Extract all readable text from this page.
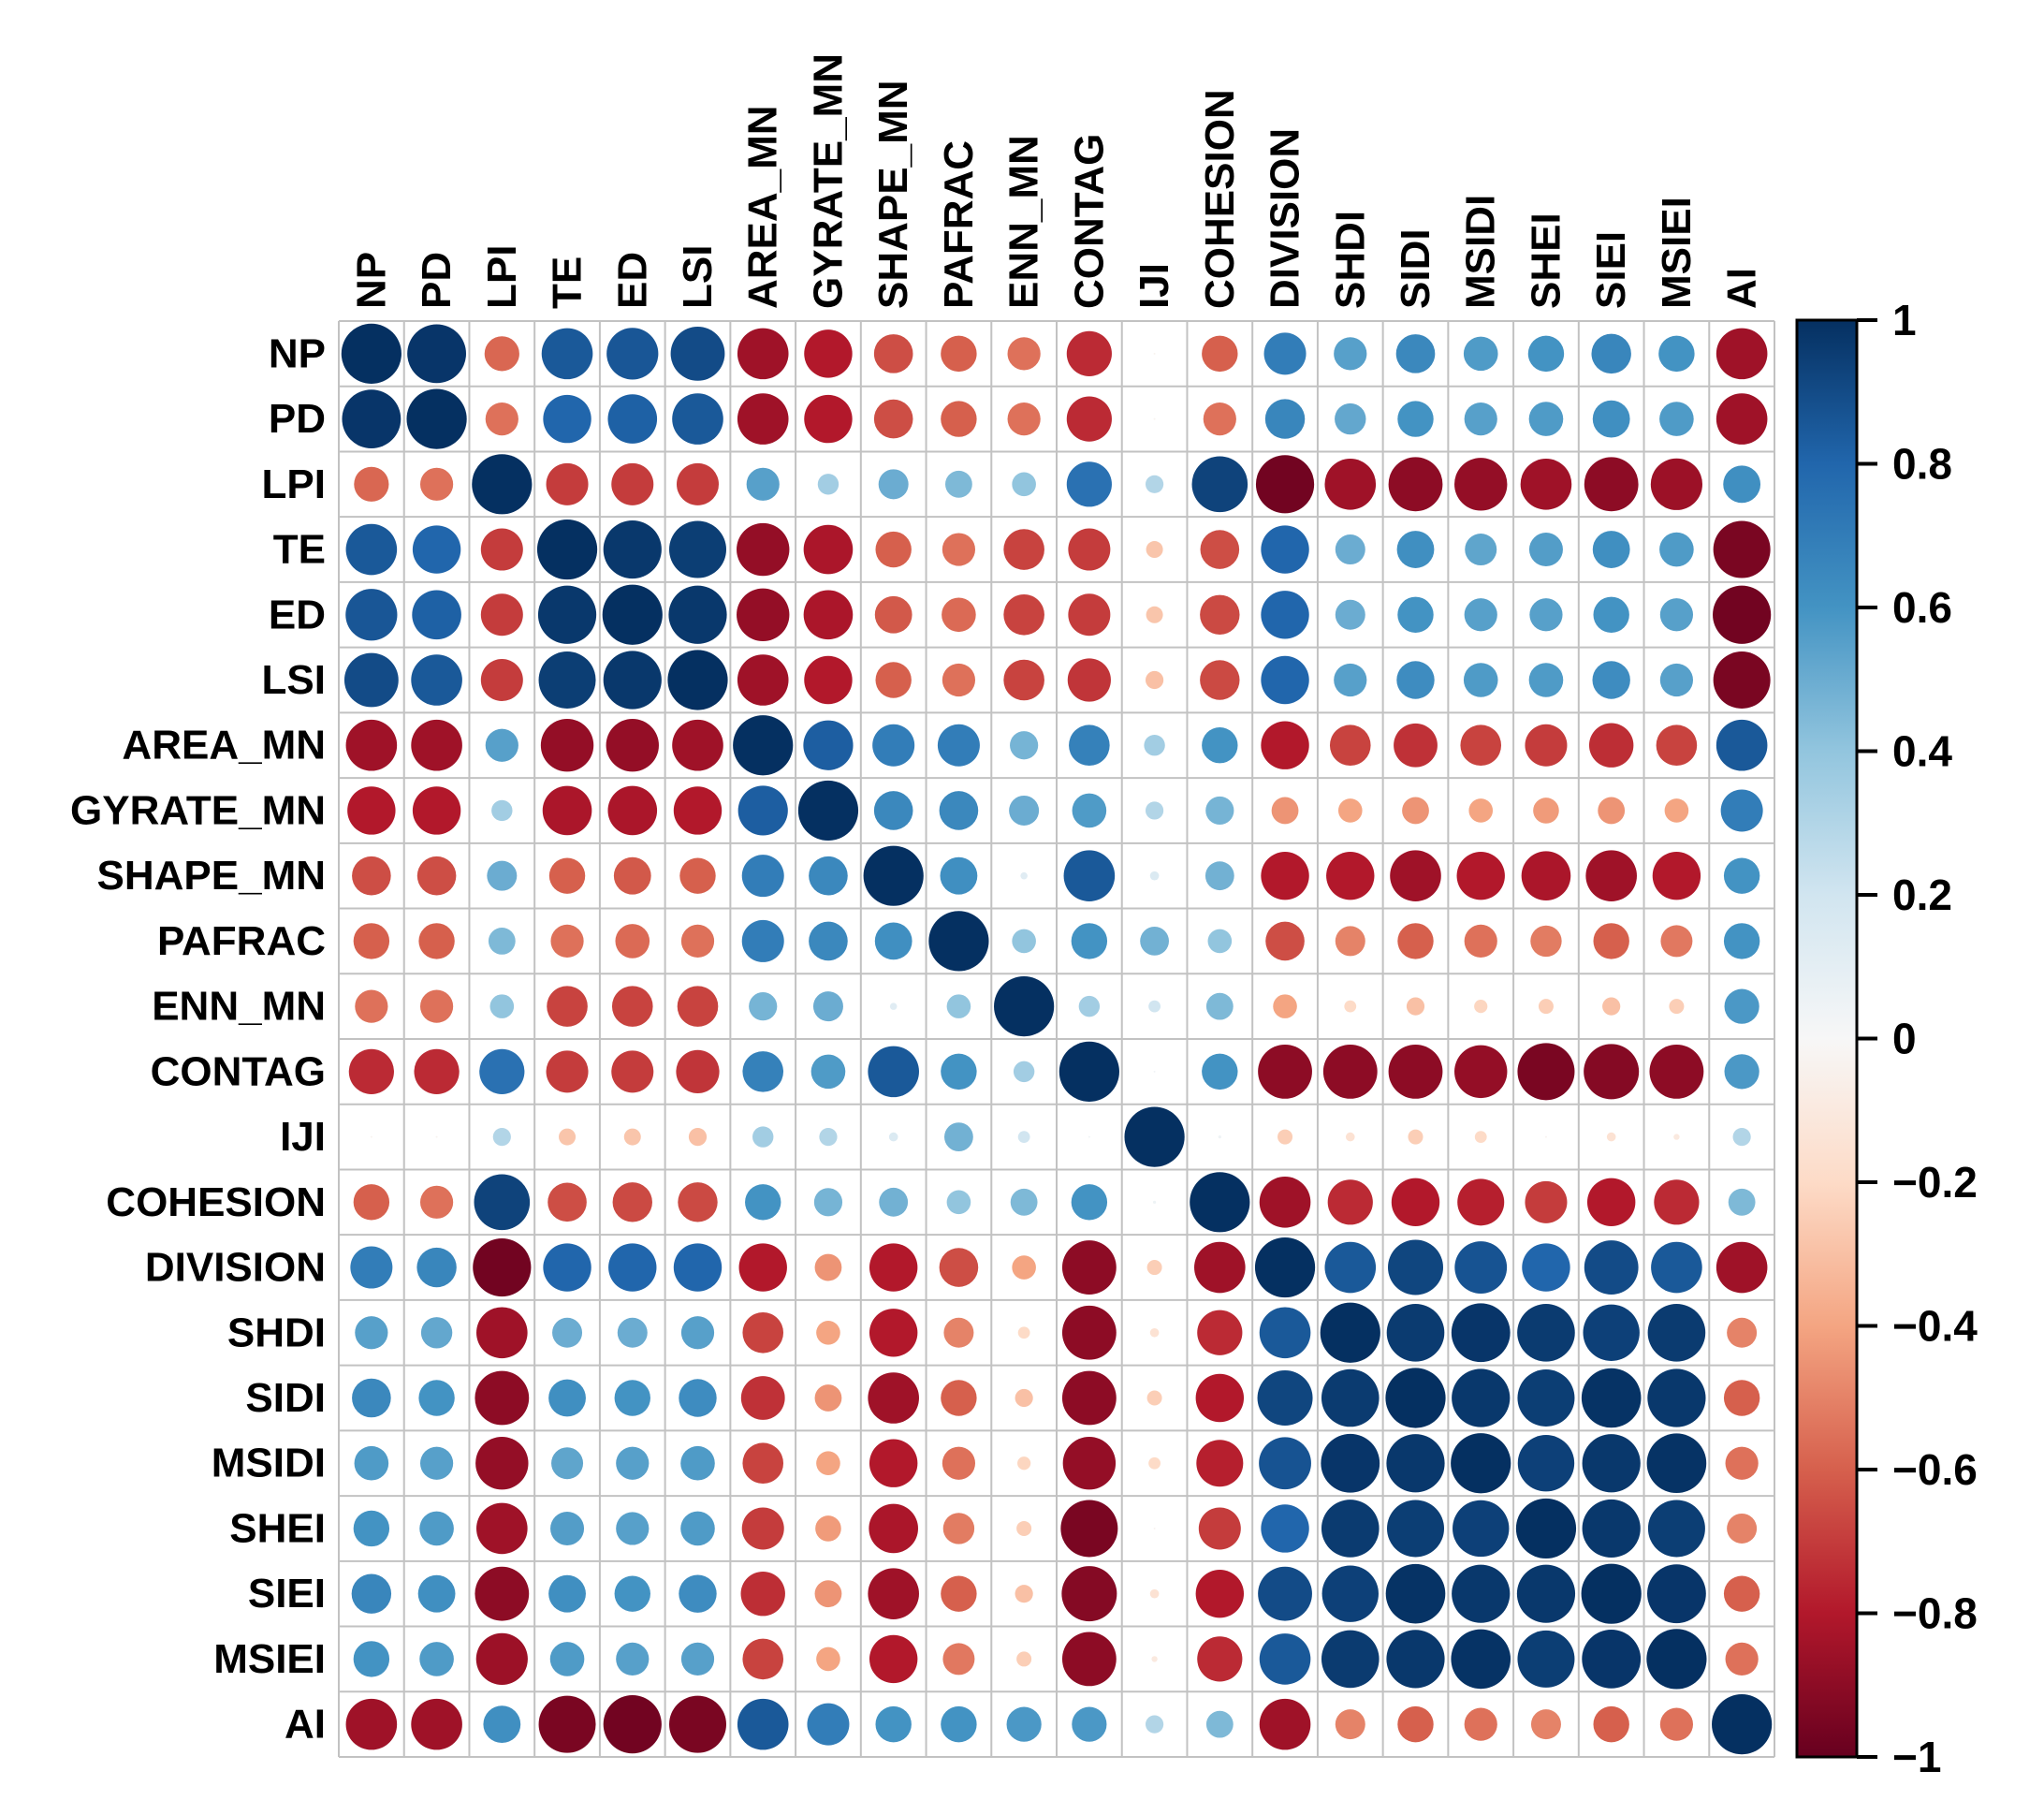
NP
PD
LPI
TE
ED
LSI
AREA_MN
GYRATE_MN
SHAPE_MN
PAFRAC
ENN_MN
CONTAG
IJI
COHESION
DIVISION
SHDI
SIDI
MSIDI
SHEI
SIEI
MSIEI
AI
NP PD LPI TE ED LSI AREA_MN GYRATE_MN SHAPE_MN PAFRAC ENN_MN CONTAG IJI COHESION DIVISION SHDI SIDI MSIDI SHEI SIEI MSIEI AI
1
0.8
0.6
0.4
0.2
0
−0.2
−0.4
−0.6
−0.8
−1
